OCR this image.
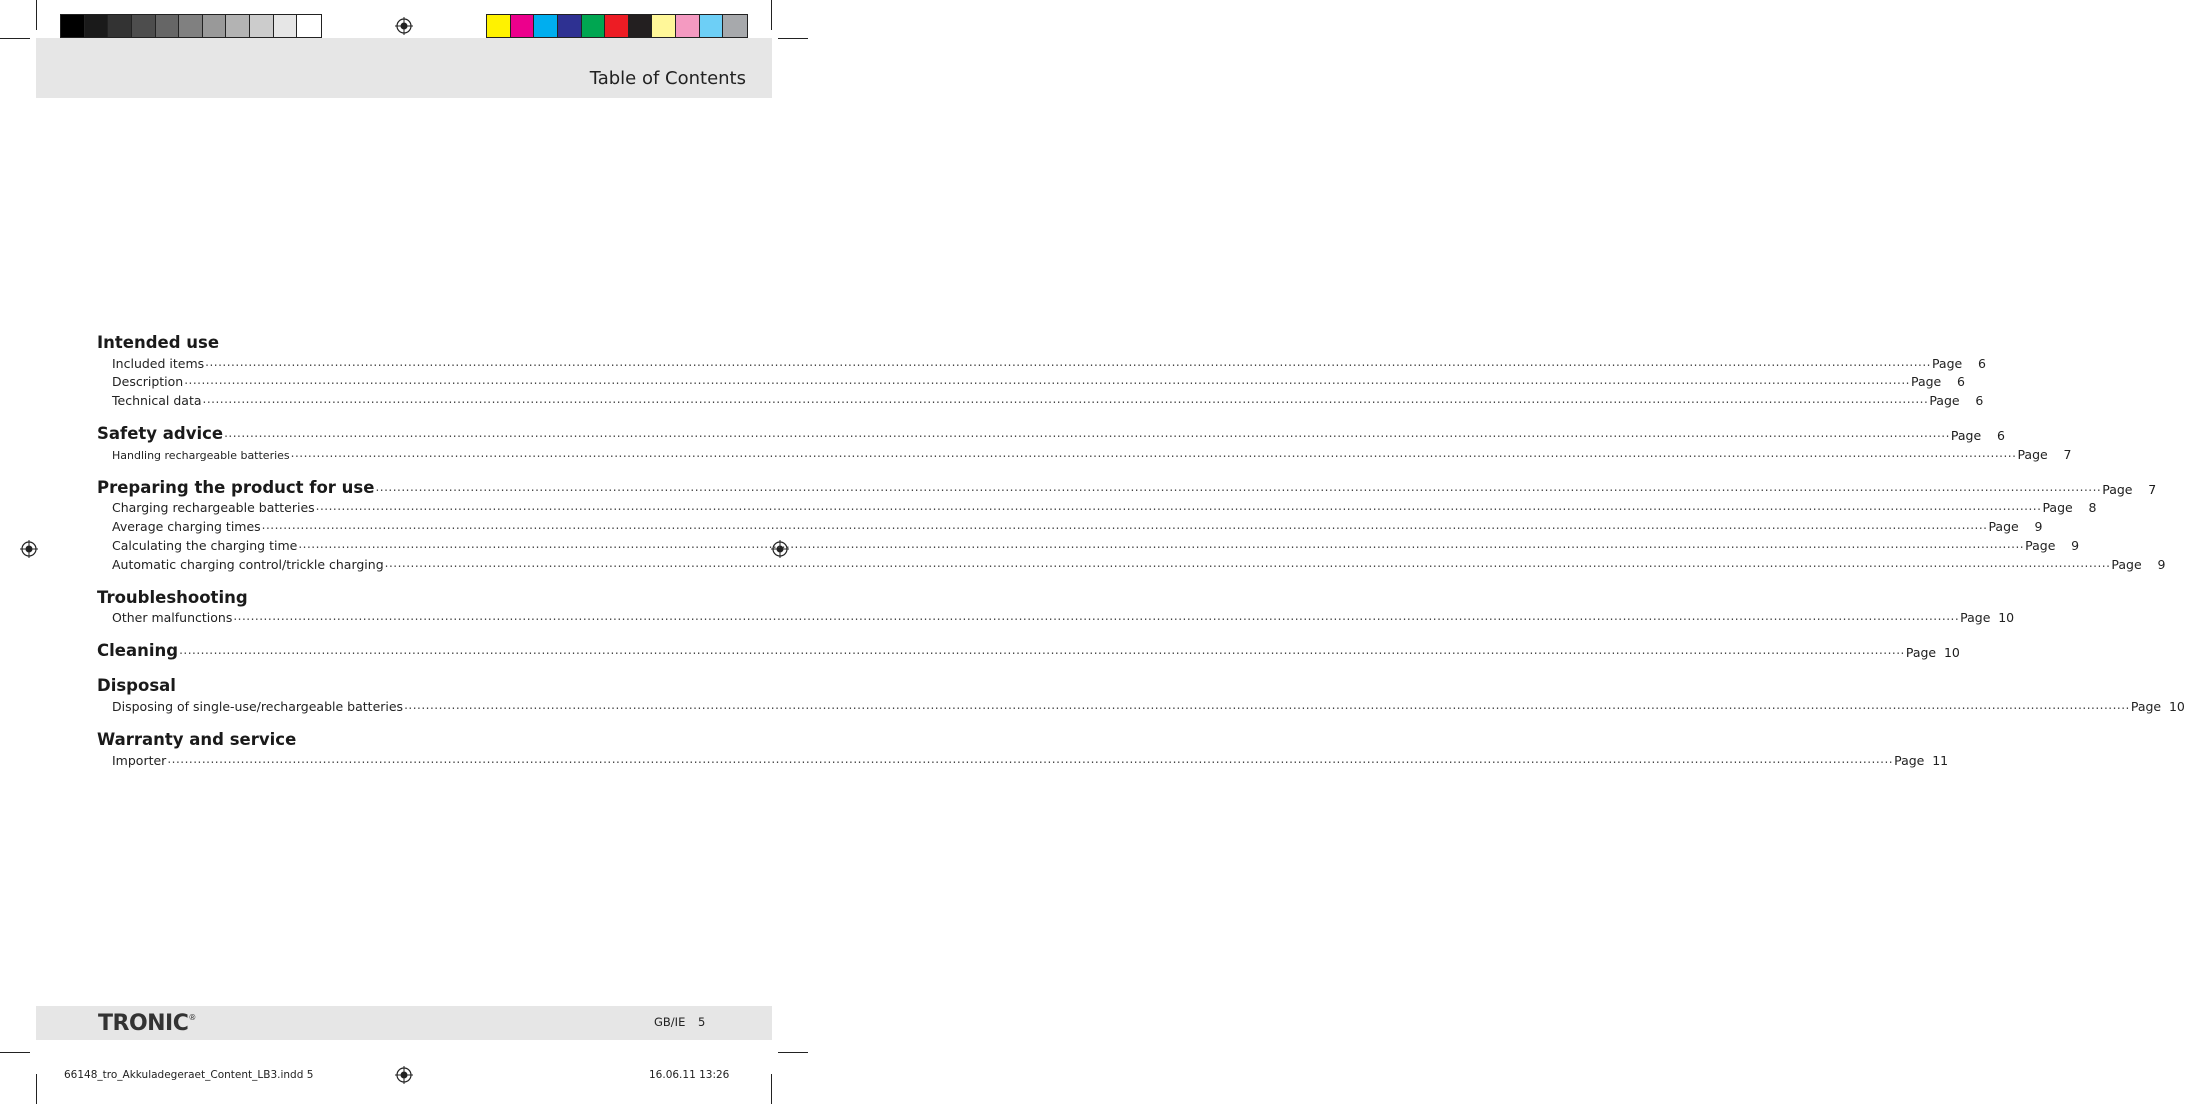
Table of Contents
Intended use
Included items ................................................................................................................................................................................................................................................................................................................................................................................................................ Page	6
Description ................................................................................................................................................................................................................................................................................................................................................................................................................ Page	6
Technical data ................................................................................................................................................................................................................................................................................................................................................................................................................ Page	6
Safety advice ................................................................................................................................................................................................................................................................................................................................................................................................................ Page	6
Handling rechargeable batteries ................................................................................................................................................................................................................................................................................................................................................................................................................ Page	7
Preparing the product for use ................................................................................................................................................................................................................................................................................................................................................................................................................ Page	7
Charging rechargeable batteries ................................................................................................................................................................................................................................................................................................................................................................................................................ Page	8
Average charging times ................................................................................................................................................................................................................................................................................................................................................................................................................ Page	9
Calculating the charging time ................................................................................................................................................................................................................................................................................................................................................................................................................ Page	9
Automatic charging control/trickle charging ................................................................................................................................................................................................................................................................................................................................................................................................................ Page	9
Troubleshooting
Other malfunctions ................................................................................................................................................................................................................................................................................................................................................................................................................ Page 10
Cleaning ................................................................................................................................................................................................................................................................................................................................................................................................................ Page 10
Disposal
Disposing of single-use/rechargeable batteries ................................................................................................................................................................................................................................................................................................................................................................................................................ Page 10
Warranty and service
Importer ................................................................................................................................................................................................................................................................................................................................................................................................................ Page 11
TRONIC®	GB/IE 5
66148_tro_Akkuladegeraet_Content_LB3.indd 5	16.06.11 13:26
